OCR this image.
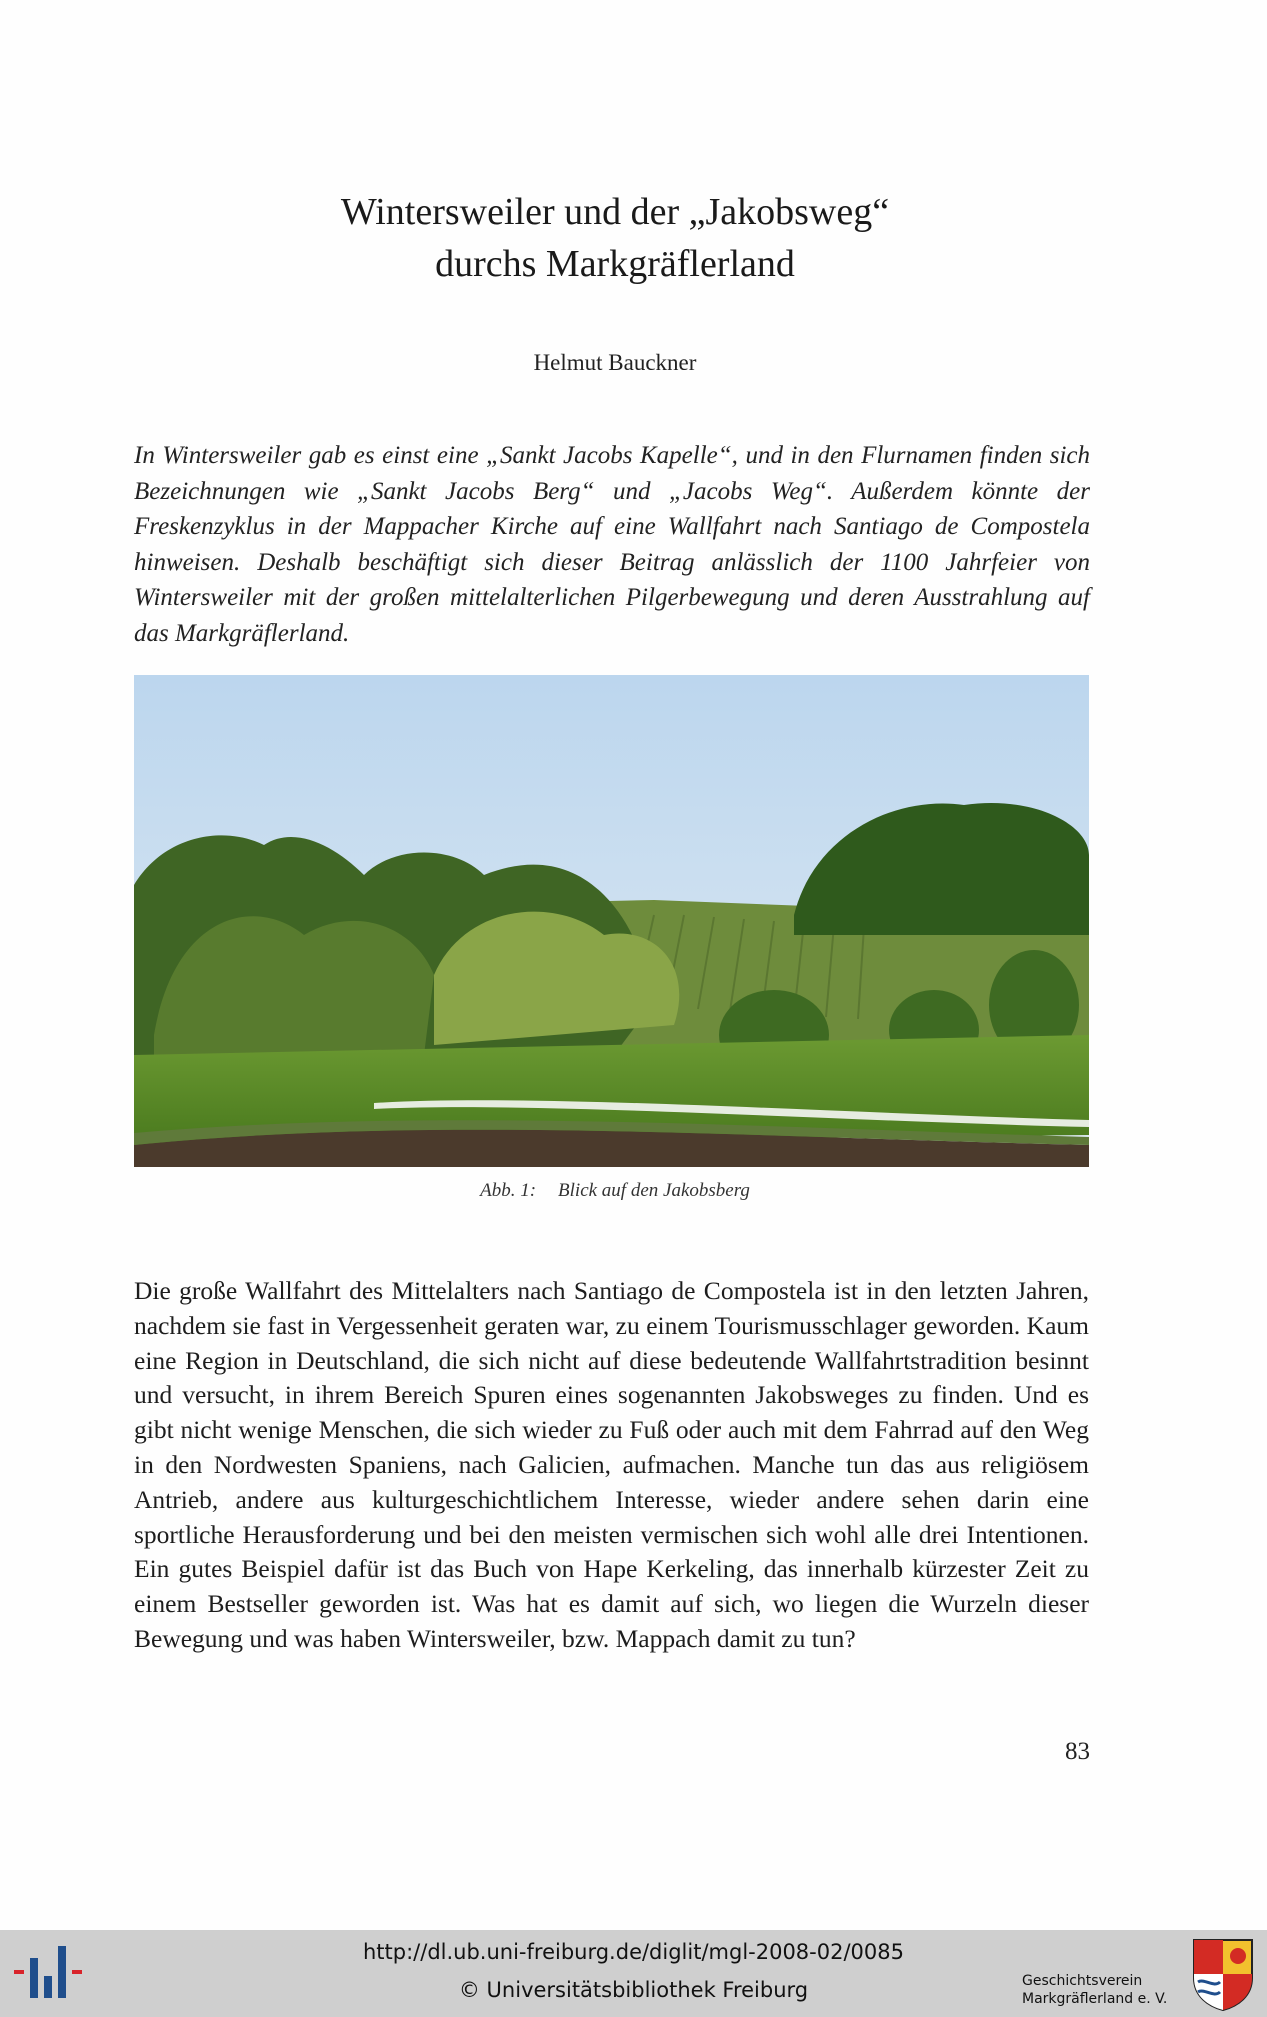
Wintersweiler und der „Jakobsweg“
durchs Markgräflerland
Helmut Bauckner
In Wintersweiler gab es einst eine „Sankt Jacobs Kapelle“, und in den Flurnamen finden sich Bezeichnungen wie „Sankt Jacobs Berg“ und „Jacobs Weg“. Außerdem könnte der Freskenzyklus in der Mappacher Kirche auf eine Wallfahrt nach Santiago de Compostela hinweisen. Deshalb beschäftigt sich dieser Beitrag anlässlich der 1100 Jahrfeier von Wintersweiler mit der großen mittelalterlichen Pilgerbewegung und deren Ausstrahlung auf das Markgräflerland.
Abb. 1: Blick auf den Jakobsberg
Die große Wallfahrt des Mittelalters nach Santiago de Compostela ist in den letzten Jahren, nachdem sie fast in Vergessenheit geraten war, zu einem Tourismusschlager geworden. Kaum eine Region in Deutschland, die sich nicht auf diese bedeutende Wallfahrtstradition besinnt und versucht, in ihrem Bereich Spuren eines sogenannten Jakobsweges zu finden. Und es gibt nicht wenige Menschen, die sich wieder zu Fuß oder auch mit dem Fahrrad auf den Weg in den Nordwesten Spaniens, nach Galicien, aufmachen. Manche tun das aus religiösem Antrieb, andere aus kulturgeschichtlichem Interesse, wieder andere sehen darin eine sportliche Herausforderung und bei den meisten vermischen sich wohl alle drei Intentionen. Ein gutes Beispiel dafür ist das Buch von Hape Kerkeling, das innerhalb kürzester Zeit zu einem Bestseller geworden ist. Was hat es damit auf sich, wo liegen die Wurzeln dieser Bewegung und was haben Wintersweiler, bzw. Mappach damit zu tun?
83
http://dl.ub.uni-freiburg.de/diglit/mgl-2008-02/0085
© Universitätsbibliothek Freiburg	Geschichtsverein
Markgräflerland e. V.
